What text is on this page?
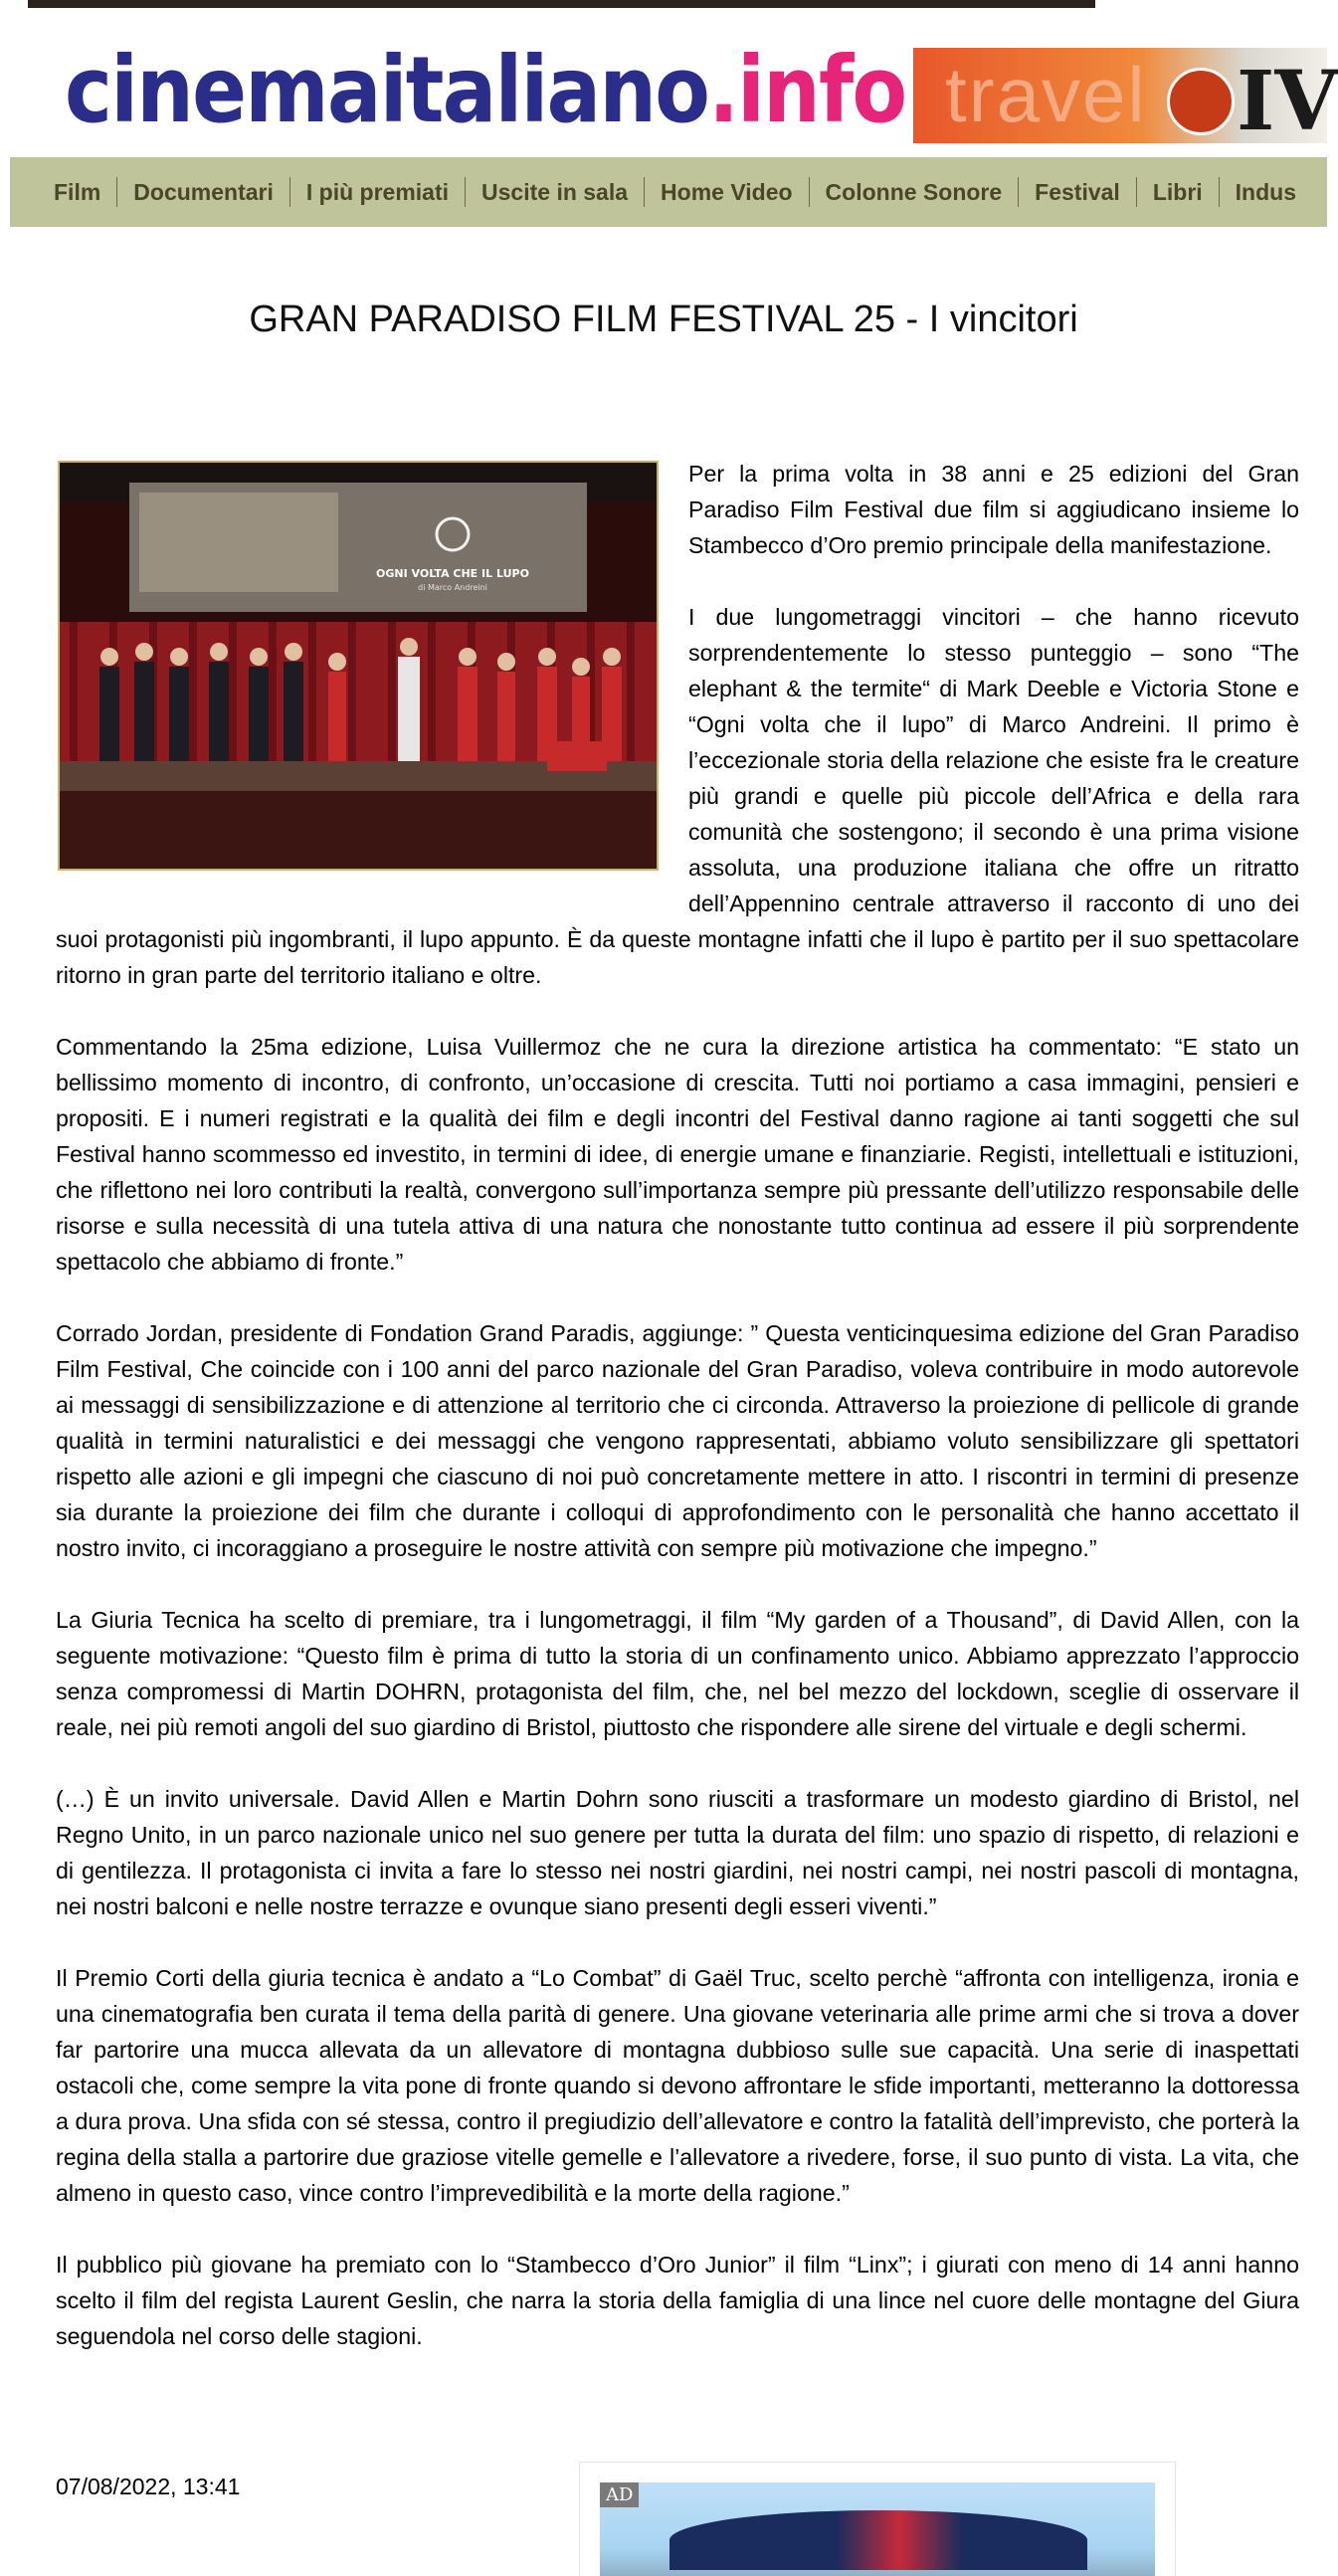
cinemaitaliano.info travel IV
Film	Documentari	I più premiati	Uscite in sala	Home Video	Colonne Sonore	Festival	Libri	Indus
GRAN PARADISO FILM FESTIVAL 25 - I vincitori
OGNI VOLTA CHE IL LUPO
di Marco Andreini

Per la prima volta in 38 anni e 25 edizioni del Gran Paradiso Film Festival due film si aggiudicano insieme lo Stambecco d’Oro premio principale della manifestazione.

I due lungometraggi vincitori – che hanno ricevuto sorprendentemente lo stesso punteggio – sono “The elephant & the termite“ di Mark Deeble e Victoria Stone e “Ogni volta che il lupo” di Marco Andreini. Il primo è l’eccezionale storia della relazione che esiste fra le creature più grandi e quelle più piccole dell’Africa e della rara comunità che sostengono; il secondo è una prima visione assoluta, una produzione italiana che offre un ritratto dell’Appennino centrale attraverso il racconto di uno dei suoi protagonisti più ingombranti, il lupo appunto. È da queste montagne infatti che il lupo è partito per il suo spettacolare ritorno in gran parte del territorio italiano e oltre.

Commentando la 25ma edizione, Luisa Vuillermoz che ne cura la direzione artistica ha commentato: “E stato un bellissimo momento di incontro, di confronto, un’occasione di crescita. Tutti noi portiamo a casa immagini, pensieri e propositi. E i numeri registrati e la qualità dei film e degli incontri del Festival danno ragione ai tanti soggetti che sul Festival hanno scommesso ed investito, in termini di idee, di energie umane e finanziarie. Registi, intellettuali e istituzioni, che riflettono nei loro contributi la realtà, convergono sull’importanza sempre più pressante dell’utilizzo responsabile delle risorse e sulla necessità di una tutela attiva di una natura che nonostante tutto continua ad essere il più sorprendente spettacolo che abbiamo di fronte.”

Corrado Jordan, presidente di Fondation Grand Paradis, aggiunge: ” Questa venticinquesima edizione del Gran Paradiso Film Festival, Che coincide con i 100 anni del parco nazionale del Gran Paradiso, voleva contribuire in modo autorevole ai messaggi di sensibilizzazione e di attenzione al territorio che ci circonda. Attraverso la proiezione di pellicole di grande qualità in termini naturalistici e dei messaggi che vengono rappresentati, abbiamo voluto sensibilizzare gli spettatori rispetto alle azioni e gli impegni che ciascuno di noi può concretamente mettere in atto. I riscontri in termini di presenze sia durante la proiezione dei film che durante i colloqui di approfondimento con le personalità che hanno accettato il nostro invito, ci incoraggiano a proseguire le nostre attività con sempre più motivazione che impegno.”

La Giuria Tecnica ha scelto di premiare, tra i lungometraggi, il film “My garden of a Thousand”, di David Allen, con la seguente motivazione: “Questo film è prima di tutto la storia di un confinamento unico. Abbiamo apprezzato l’approccio senza compromessi di Martin DOHRN, protagonista del film, che, nel bel mezzo del lockdown, sceglie di osservare il reale, nei più remoti angoli del suo giardino di Bristol, piuttosto che rispondere alle sirene del virtuale e degli schermi.

(…) È un invito universale. David Allen e Martin Dohrn sono riusciti a trasformare un modesto giardino di Bristol, nel Regno Unito, in un parco nazionale unico nel suo genere per tutta la durata del film: uno spazio di rispetto, di relazioni e di gentilezza. Il protagonista ci invita a fare lo stesso nei nostri giardini, nei nostri campi, nei nostri pascoli di montagna, nei nostri balconi e nelle nostre terrazze e ovunque siano presenti degli esseri viventi.”

Il Premio Corti della giuria tecnica è andato a “Lo Combat” di Gaël Truc, scelto perchè “affronta con intelligenza, ironia e una cinematografia ben curata il tema della parità di genere. Una giovane veterinaria alle prime armi che si trova a dover far partorire una mucca allevata da un allevatore di montagna dubbioso sulle sue capacità. Una serie di inaspettati ostacoli che, come sempre la vita pone di fronte quando si devono affrontare le sfide importanti, metteranno la dottoressa a dura prova. Una sfida con sé stessa, contro il pregiudizio dell’allevatore e contro la fatalità dell’imprevisto, che porterà la regina della stalla a partorire due graziose vitelle gemelle e l’allevatore a rivedere, forse, il suo punto di vista. La vita, che almeno in questo caso, vince contro l’imprevedibilità e la morte della ragione.”

Il pubblico più giovane ha premiato con lo “Stambecco d’Oro Junior” il film “Linx”; i giurati con meno di 14 anni hanno scelto il film del regista Laurent Geslin, che narra la storia della famiglia di una lince nel cuore delle montagne del Giura seguendola nel corso delle stagioni.

07/08/2022, 13:41	AD
